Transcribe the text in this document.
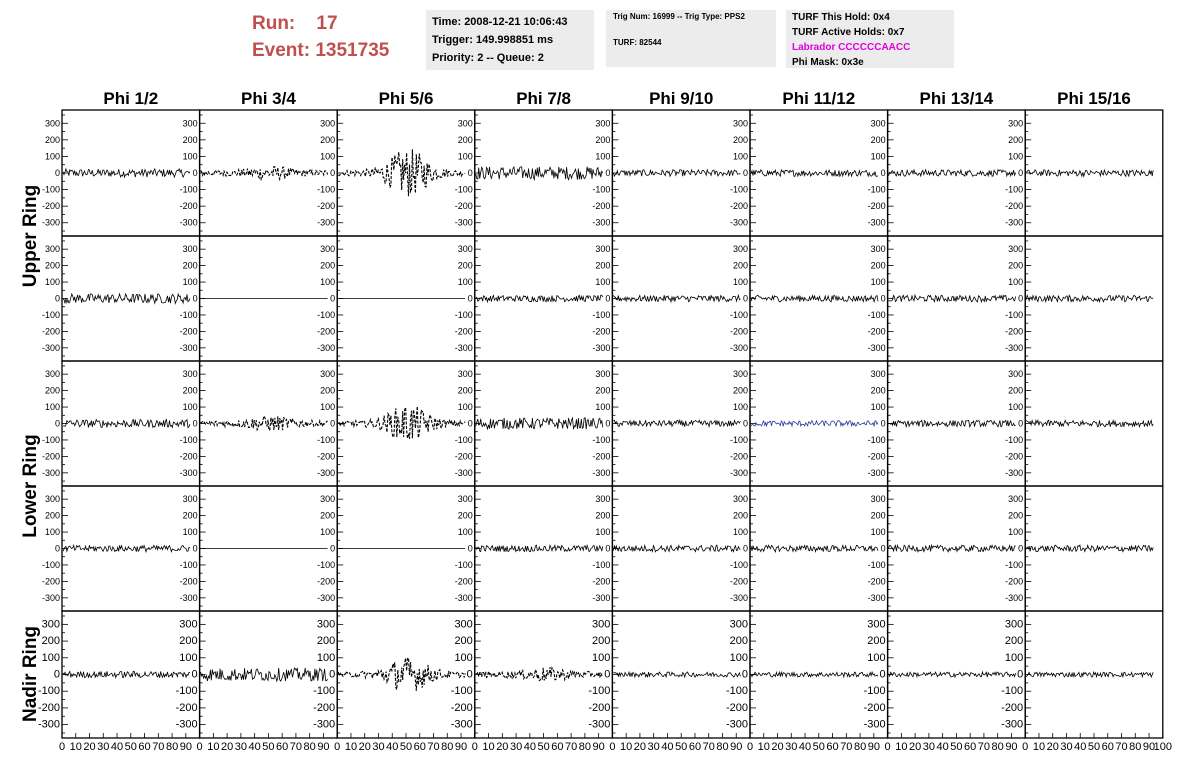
Run: 17
Event: 1351735
Time: 2008-12-21 10:06:43
Trigger: 149.998851 ms
Priority: 2 -- Queue: 2
Trig Num: 16999 -- Trig Type: PPS2
TURF: 82544
TURF This Hold: 0x4
TURF Active Holds: 0x7
Labrador CCCCCCAACC
Phi Mask: 0x3e
Phi 1/2	Phi 3/4	Phi 5/6	Phi 7/8	Phi 9/10	Phi 11/12	Phi 13/14	Phi 15/16
Upper Ring
Lower Ring
Nadir Ring
300
200
100
0
-100
-200
-300
300
200
100
0
-100
-200
-300
300
200
100
0
-100
-200
-300
300
200
100
0
-100
-200
-300
300
200
100
0
-100
-200
-300
300
200
100
0
-100
-200
-300
300
200
100
0
-100
-200
-300
300
200
100
0
-100
-200
-300
300
200
100
0
-100
-200
-300
300
200
100
0
-100
-200
-300
300
200
100
0
-100
-200
-300
300
200
100
0
-100
-200
-300
300
200
100
0
-100
-200
-300
300
200
100
0
-100
-200
-300
300
200
100
0
-100
-200
-300
300
200
100
0
-100
-200
-300
300
200
100
0
-100
-200
-300
300
200
100
0
-100
-200
-300
300
200
100
0
-100
-200
-300
300
200
100
0
-100
-200
-300
300
200
100
0
-100
-200
-300
300
200
100
0
-100
-200
-300
300
200
100
0
-100
-200
-300
300
200
100
0
-100
-200
-300
300
200
100
0
-100
-200
-300
300
200
100
0
-100
-200
-300
300
200
100
0
-100
-200
-300
300
200
100
0
-100
-200
-300
300
200
100
0
-100
-200
-300
300
200
100
0
-100
-200
-300
300
200
100
0
-100
-200
-300
300
200
100
0
-100
-200
-300
300
200
100
0
-100
-200
-300
300
200
100
0
-100
-200
-300
300
200
100
0
-100
-200
-300
300
200
100
0
-100
-200
-300
300
200
100
0
-100
-200
-300
300
200
100
0
-100
-200
-300
300
200
100
0
-100
-200
-300
300
200
100
0
-100
-200
-300
0 10 20 30 40 50 60 70 80 90 0 10 20 30 40 50 60 70 80 90 0 10 20 30 40 50 60 70 80 90 0 10 20 30 40 50 60 70 80 90 0 10 20 30 40 50 60 70 80 90 0 10 20 30 40 50 60 70 80 90 0 10 20 30 40 50 60 70 80 90 0 10 20 30 40 50 60 70 80 90
100
